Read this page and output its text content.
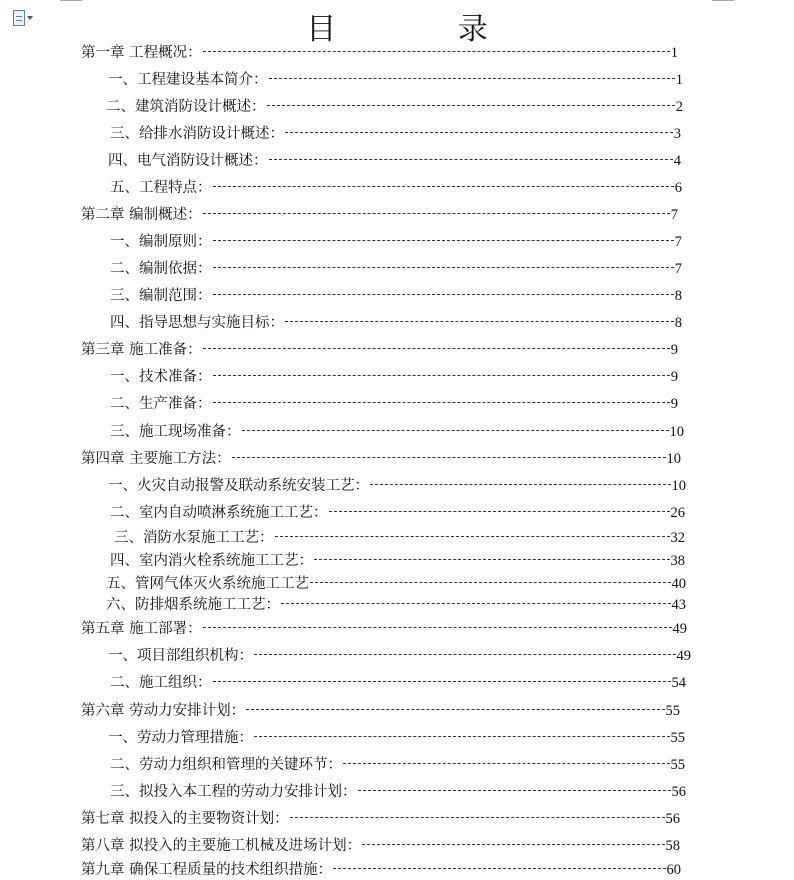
目 录
第一章 工程概况：	1
一、工程建设基本简介：	1
二、建筑消防设计概述：	2
三、给排水消防设计概述：	3
四、电气消防设计概述：	4
五、工程特点：	6
第二章 编制概述：	7
一、编制原则：	7
二、编制依据：	7
三、编制范围：	8
四、指导思想与实施目标：	8
第三章 施工准备：	9
一、技术准备：	9
二、生产准备：	9
三、施工现场准备：	10
第四章 主要施工方法：	10
一、火灾自动报警及联动系统安装工艺：	10
二、室内自动喷淋系统施工工艺：	26
三、消防水泵施工工艺：	32
四、室内消火栓系统施工工艺：	38
五、管网气体灭火系统施工工艺	40
六、防排烟系统施工工艺：	43
第五章 施工部署：	49
一、项目部组织机构：	49
二、施工组织：	54
第六章 劳动力安排计划：	55
一、劳动力管理措施：	55
二、劳动力组织和管理的关键环节：	55
三、拟投入本工程的劳动力安排计划：	56
第七章 拟投入的主要物资计划：	56
第八章 拟投入的主要施工机械及进场计划：	58
第九章 确保工程质量的技术组织措施：	60
